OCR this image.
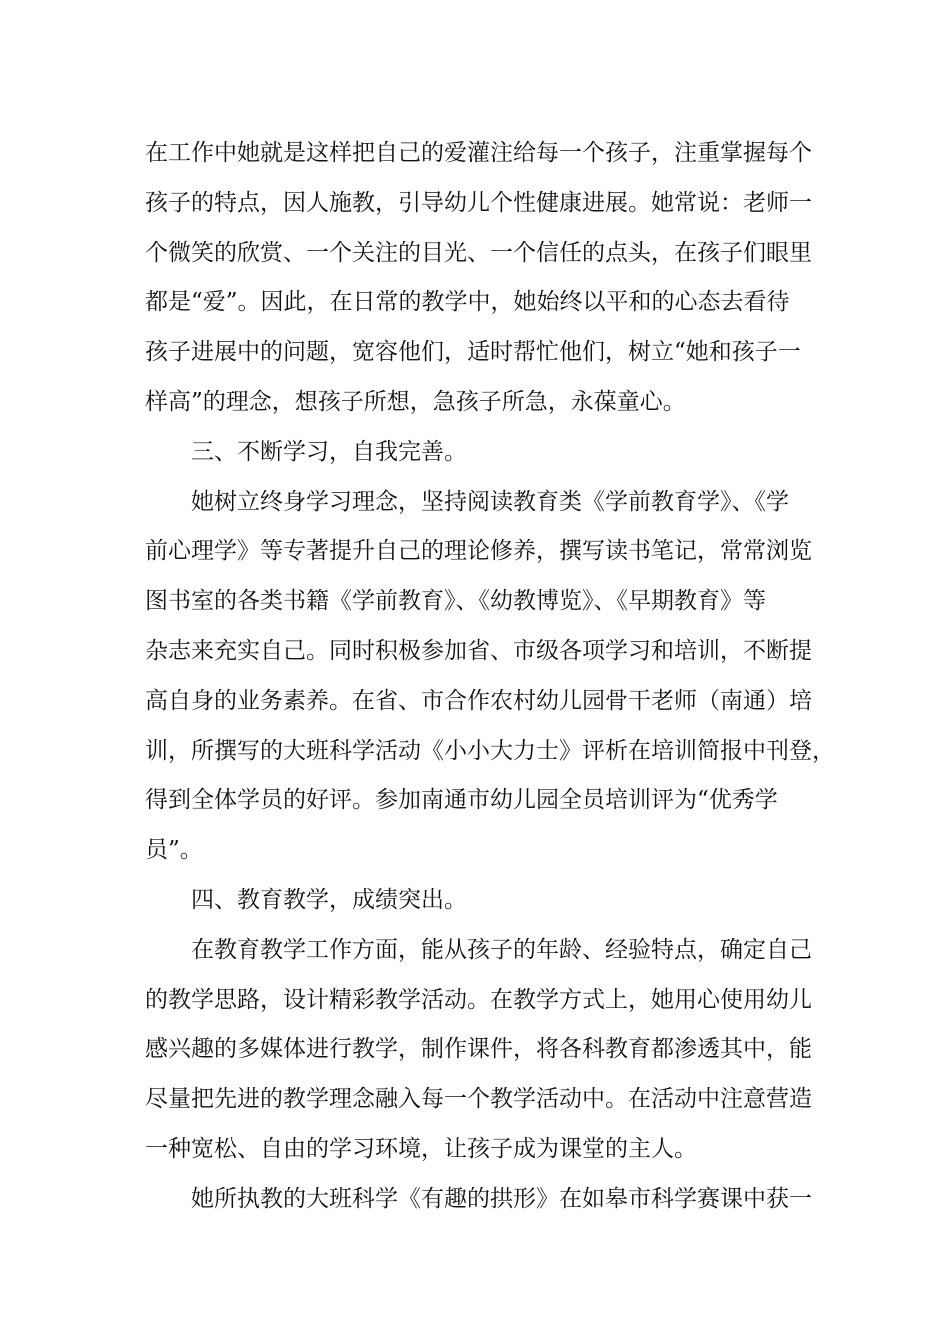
在工作中她就是这样把自己的爱灌注给每一个孩子，注重掌握每个
孩子的特点，因人施教，引导幼儿个性健康进展。她常说：老师一
个微笑的欣赏、一个关注的目光、一个信任的点头，在孩子们眼里
都是“爱”。因此，在日常的教学中，她始终以平和的心态去看待
孩子进展中的问题，宽容他们，适时帮忙他们，树立“她和孩子一
样高”的理念，想孩子所想，急孩子所急，永葆童心。
三、不断学习，自我完善。
她树立终身学习理念，坚持阅读教育类《学前教育学》、《学
前心理学》等专著提升自己的理论修养，撰写读书笔记，常常浏览
图书室的各类书籍《学前教育》、《幼教博览》、《早期教育》等
杂志来充实自己。同时积极参加省、市级各项学习和培训，不断提
高自身的业务素养。在省、市合作农村幼儿园骨干老师（南通）培
训，所撰写的大班科学活动《小小大力士》评析在培训简报中刊登，
得到全体学员的好评。参加南通市幼儿园全员培训评为“优秀学
员”。
四、教育教学，成绩突出。
在教育教学工作方面，能从孩子的年龄、经验特点，确定自己
的教学思路，设计精彩教学活动。在教学方式上，她用心使用幼儿
感兴趣的多媒体进行教学，制作课件，将各科教育都渗透其中，能
尽量把先进的教学理念融入每一个教学活动中。在活动中注意营造
一种宽松、自由的学习环境，让孩子成为课堂的主人。
她所执教的大班科学《有趣的拱形》在如皋市科学赛课中获一
